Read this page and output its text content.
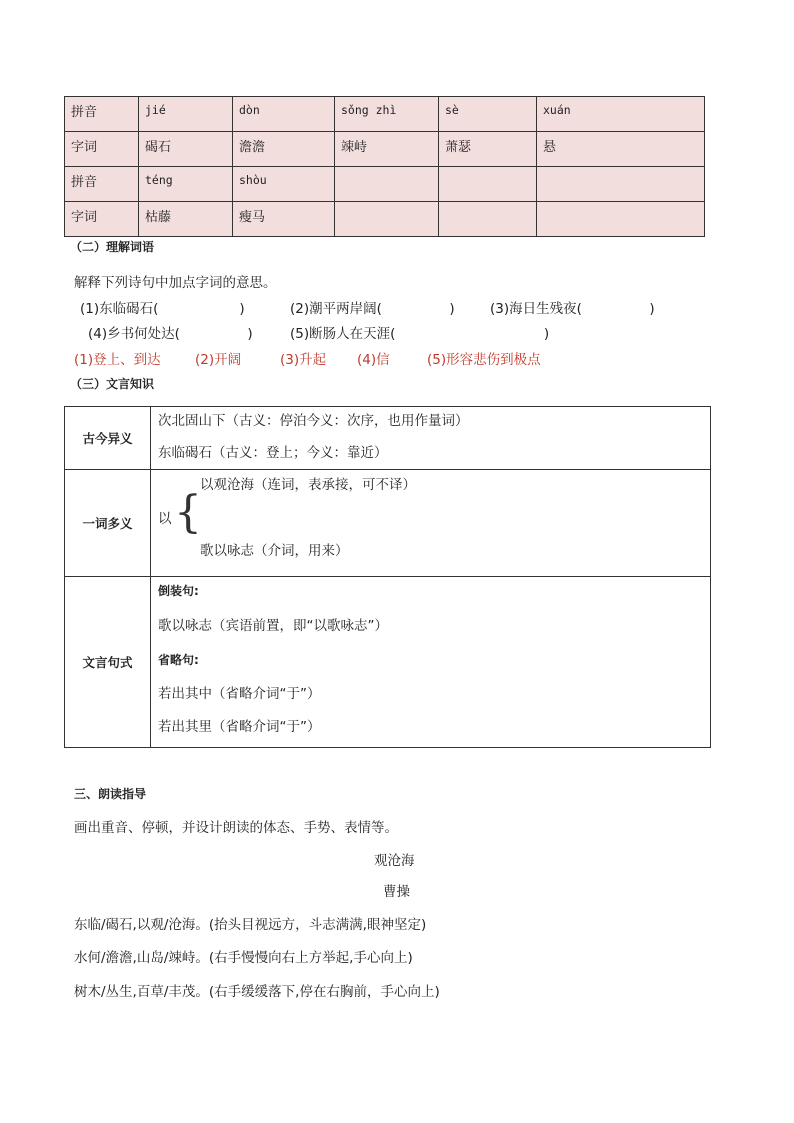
拼音	jié	dòn	sǒng zhì	sè	xuán
字词	碣石	澹澹	竦峙	萧瑟	悬
拼音	téng	shòu			
字词	枯藤	瘦马			
（二）理解词语
解释下列诗句中加点字词的意思。
(1)东临碣石(　　　　　　)	(2)潮平两岸阔(　　　　　)	(3)海日生残夜(　　　　　)
(4)乡书何处达(　　　　　)	(5)断肠人在天涯(　　　　　　　　　　　)
(1)登上、到达	(2)开阔	(3)升起 (4)信	(5)形容悲伤到极点
（三）文言知识
古今异义	次北固山下（古义：停泊今义：次序，也用作量词）
东临碣石（古义：登上；今义：靠近）

一词多义	以 {
以观沧海（连词，表承接，可不译）
歌以咏志（介词，用来）

文言句式	倒装句:
歌以咏志（宾语前置，即“以歌咏志”）
省略句:
若出其中（省略介词“于”）
若出其里（省略介词“于”）
三、朗读指导
画出重音、停顿，并设计朗读的体态、手势、表情等。
观沧海
曹操
东临/碣石,以观/沧海。(抬头目视远方，斗志满满,眼神坚定)
水何/澹澹,山岛/竦峙。(右手慢慢向右上方举起,手心向上)
树木/丛生,百草/丰茂。(右手缓缓落下,停在右胸前，手心向上)
